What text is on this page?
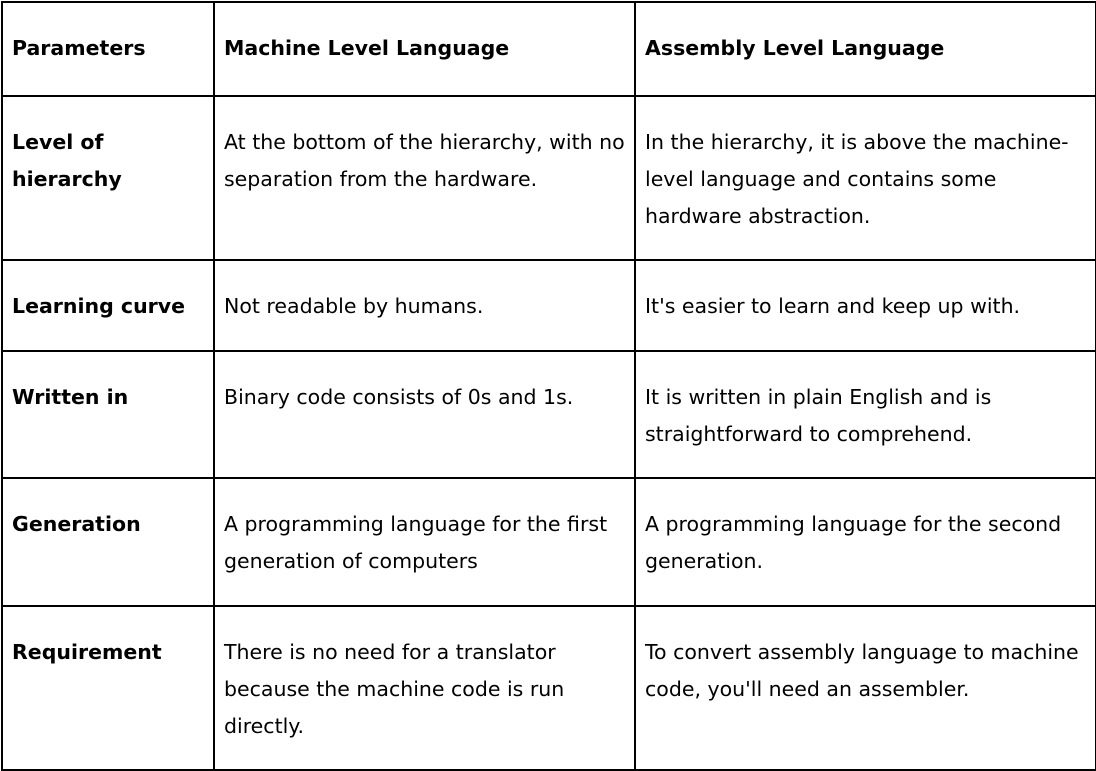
Parameters	Machine Level Language	Assembly Level Language
Level of hierarchy	At the bottom of the hierarchy, with no separation from the hardware.	In the hierarchy, it is above the machine-level language and contains some hardware abstraction.
Learning curve	Not readable by humans.	It's easier to learn and keep up with.
Written in	Binary code consists of 0s and 1s.	It is written in plain English and is straightforward to comprehend.
Generation	A programming language for the first generation of computers	A programming language for the second generation.
Requirement	There is no need for a translator because the machine code is run directly.	To convert assembly language to machine code, you'll need an assembler.
